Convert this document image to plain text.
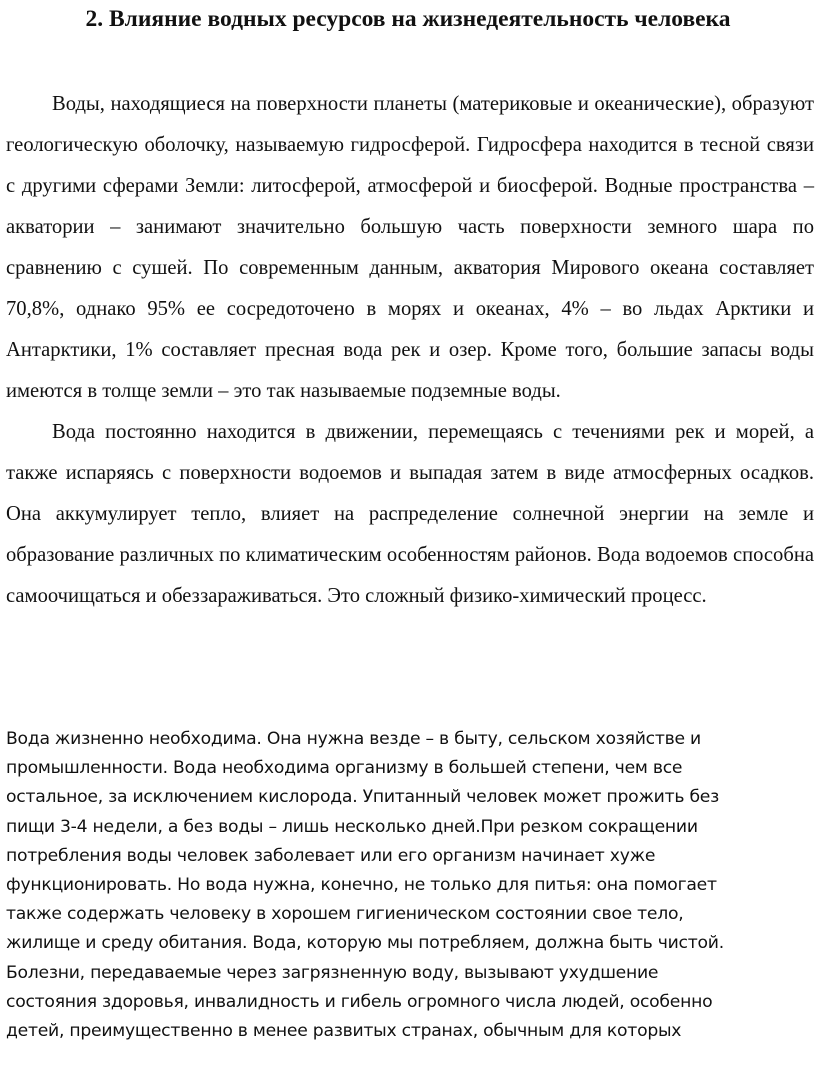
2. Влияние водных ресурсов на жизнедеятельность человека

Воды, находящиеся на поверхности планеты (материковые и океанические), образуют геологическую оболочку, называемую гидросферой. Гидросфера находится в тесной связи с другими сферами Земли: литосферой, атмосферой и биосферой. Водные пространства – акватории – занимают значительно большую часть поверхности земного шара по сравнению с сушей. По современным данным, акватория Мирового океана составляет 70,8%, однако 95% ее сосредоточено в морях и океанах, 4% – во льдах Арктики и Антарктики, 1% составляет пресная вода рек и озер. Кроме того, большие запасы воды имеются в толще земли – это так называемые подземные воды.

Вода постоянно находится в движении, перемещаясь с течениями рек и морей, а также испаряясь с поверхности водоемов и выпадая затем в виде атмосферных осадков. Она аккумулирует тепло, влияет на распределение солнечной энергии на земле и образование различных по климатическим особенностям районов. Вода водоемов способна самоочищаться и обеззараживаться. Это сложный физико-химический процесс.

Вода жизненно необходима. Она нужна везде – в быту, сельском хозяйстве и

промышленности. Вода необходима организму в большей степени, чем все

остальное, за исключением кислорода. Упитанный человек может прожить без

пищи 3-4 недели, а без воды – лишь несколько дней.При резком сокращении

потребления воды человек заболевает или его организм начинает хуже

функционировать. Но вода нужна, конечно, не только для питья: она помогает

также содержать человеку в хорошем гигиеническом состоянии свое тело,

жилище и среду обитания. Вода, которую мы потребляем, должна быть чистой.

Болезни, передаваемые через загрязненную воду, вызывают ухудшение

состояния здоровья, инвалидность и гибель огромного числа людей, особенно

детей, преимущественно в менее развитых странах, обычным для которых
